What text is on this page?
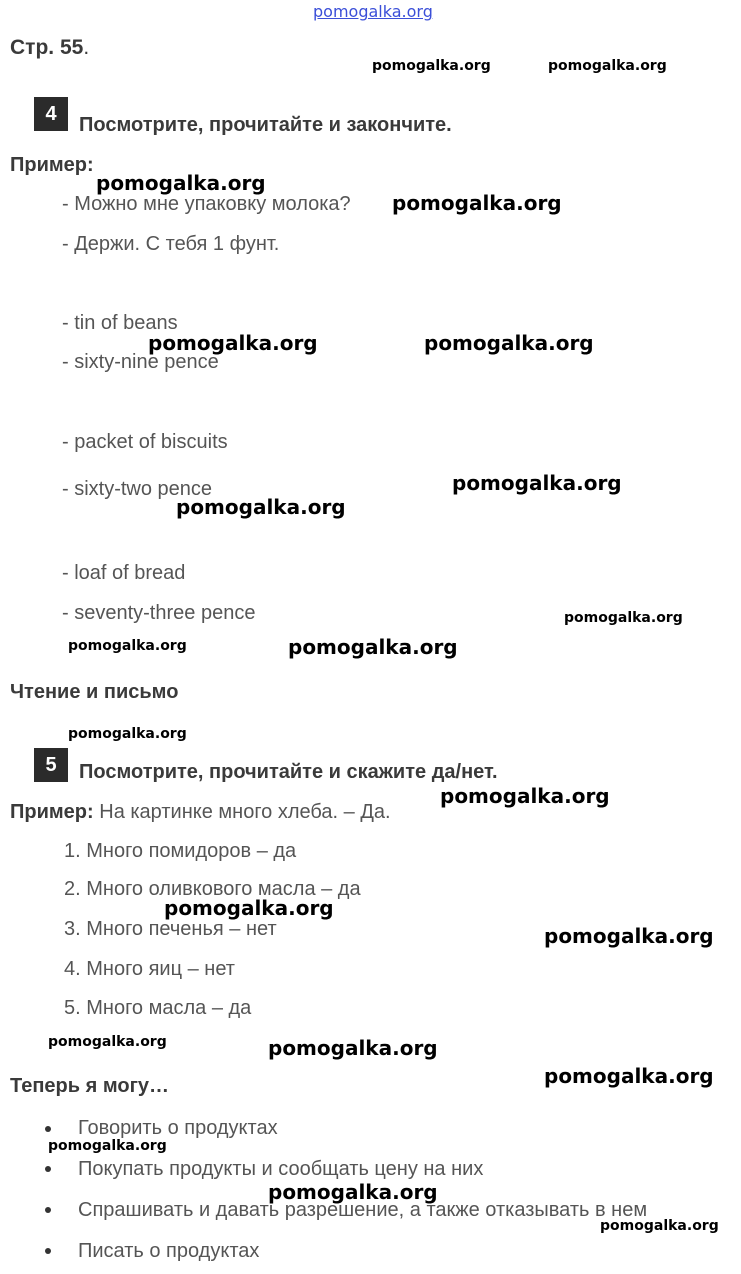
pomogalka.org
Стр. 55.
4
Посмотрите, прочитайте и закончите.
Пример:
- Можно мне упаковку молока?
- Держи. С тебя 1 фунт.
- tin of beans
- sixty-nine pence
- packet of biscuits
- sixty-two pence
- loaf of bread
- seventy-three pence
Чтение и письмо
5	Посмотрите, прочитайте и скажите да/нет.
Пример: На картинке много хлеба. – Да.
1. Много помидоров – да
2. Много оливкового масла – да
3. Много печенья – нет
4. Много яиц – нет
5. Много масла – да
Теперь я могу…
Говорить о продуктах
Покупать продукты и сообщать цену на них
Спрашивать и давать разрешение, а также отказывать в нем
Писать о продуктах
pomogalka.org	pomogalka.org
pomogalka.org
pomogalka.org
pomogalka.org	pomogalka.org
pomogalka.org
pomogalka.org
pomogalka.org
pomogalka.org	pomogalka.org
pomogalka.org
pomogalka.org
pomogalka.org
pomogalka.org
pomogalka.org	pomogalka.org
pomogalka.org
pomogalka.org
pomogalka.org
pomogalka.org
